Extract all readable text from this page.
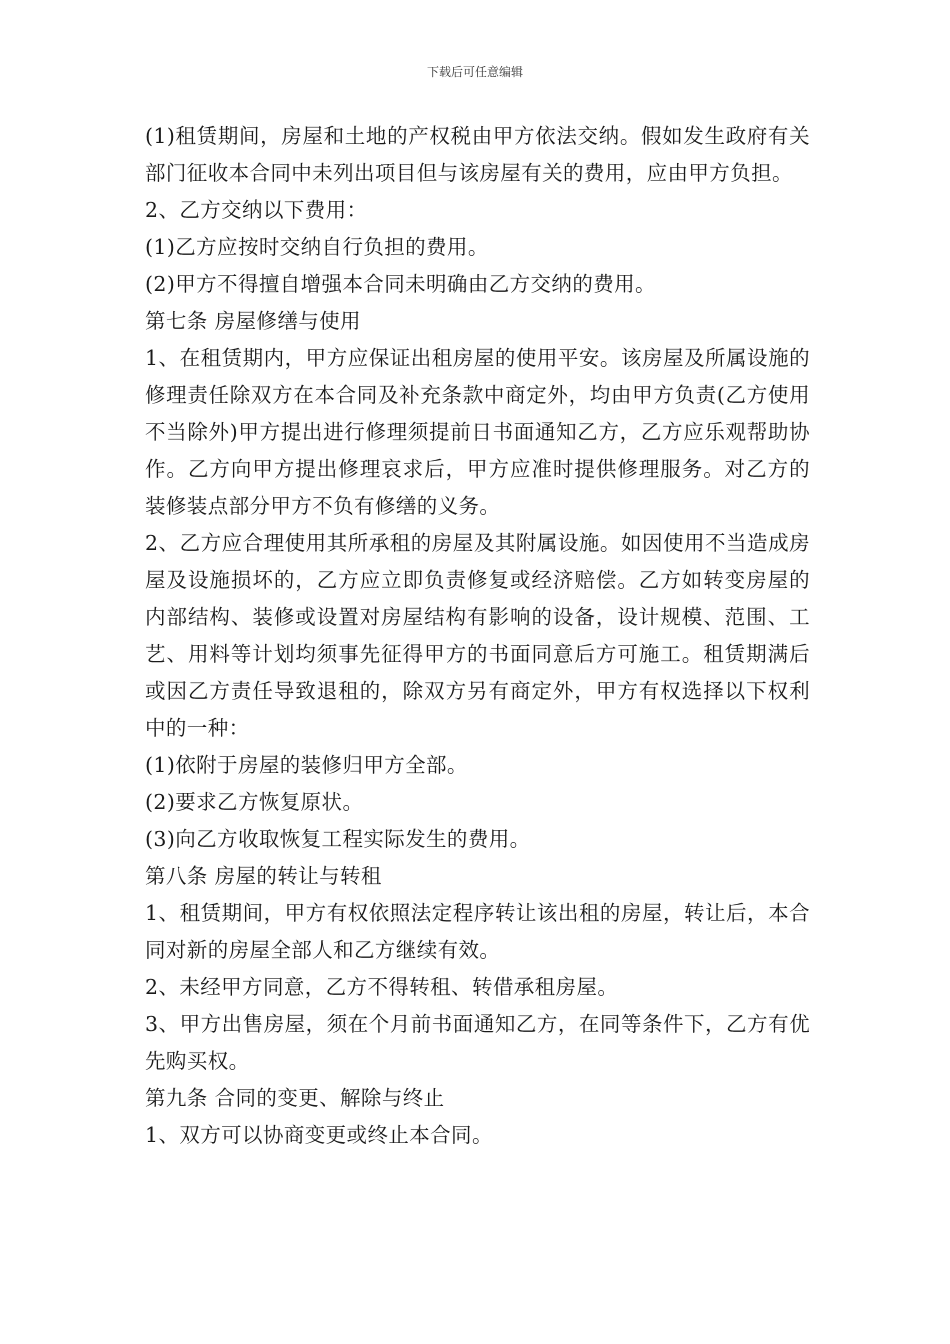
下载后可任意编辑

(1)租赁期间，房屋和土地的产权税由甲方依法交纳。假如发生政府有关部门征收本合同中未列出项目但与该房屋有关的费用，应由甲方负担。

2、乙方交纳以下费用：

(1)乙方应按时交纳自行负担的费用。

(2)甲方不得擅自增强本合同未明确由乙方交纳的费用。

第七条 房屋修缮与使用

1、在租赁期内，甲方应保证出租房屋的使用平安。该房屋及所属设施的修理责任除双方在本合同及补充条款中商定外，均由甲方负责(乙方使用不当除外)甲方提出进行修理须提前日书面通知乙方，乙方应乐观帮助协作。乙方向甲方提出修理哀求后，甲方应准时提供修理服务。对乙方的装修装点部分甲方不负有修缮的义务。

2、乙方应合理使用其所承租的房屋及其附属设施。如因使用不当造成房屋及设施损坏的，乙方应立即负责修复或经济赔偿。乙方如转变房屋的内部结构、装修或设置对房屋结构有影响的设备，设计规模、范围、工艺、用料等计划均须事先征得甲方的书面同意后方可施工。租赁期满后或因乙方责任导致退租的，除双方另有商定外，甲方有权选择以下权利中的一种：

(1)依附于房屋的装修归甲方全部。

(2)要求乙方恢复原状。

(3)向乙方收取恢复工程实际发生的费用。

第八条 房屋的转让与转租

1、租赁期间，甲方有权依照法定程序转让该出租的房屋，转让后，本合同对新的房屋全部人和乙方继续有效。

2、未经甲方同意，乙方不得转租、转借承租房屋。

3、甲方出售房屋，须在个月前书面通知乙方，在同等条件下，乙方有优先购买权。

第九条 合同的变更、解除与终止

1、双方可以协商变更或终止本合同。
